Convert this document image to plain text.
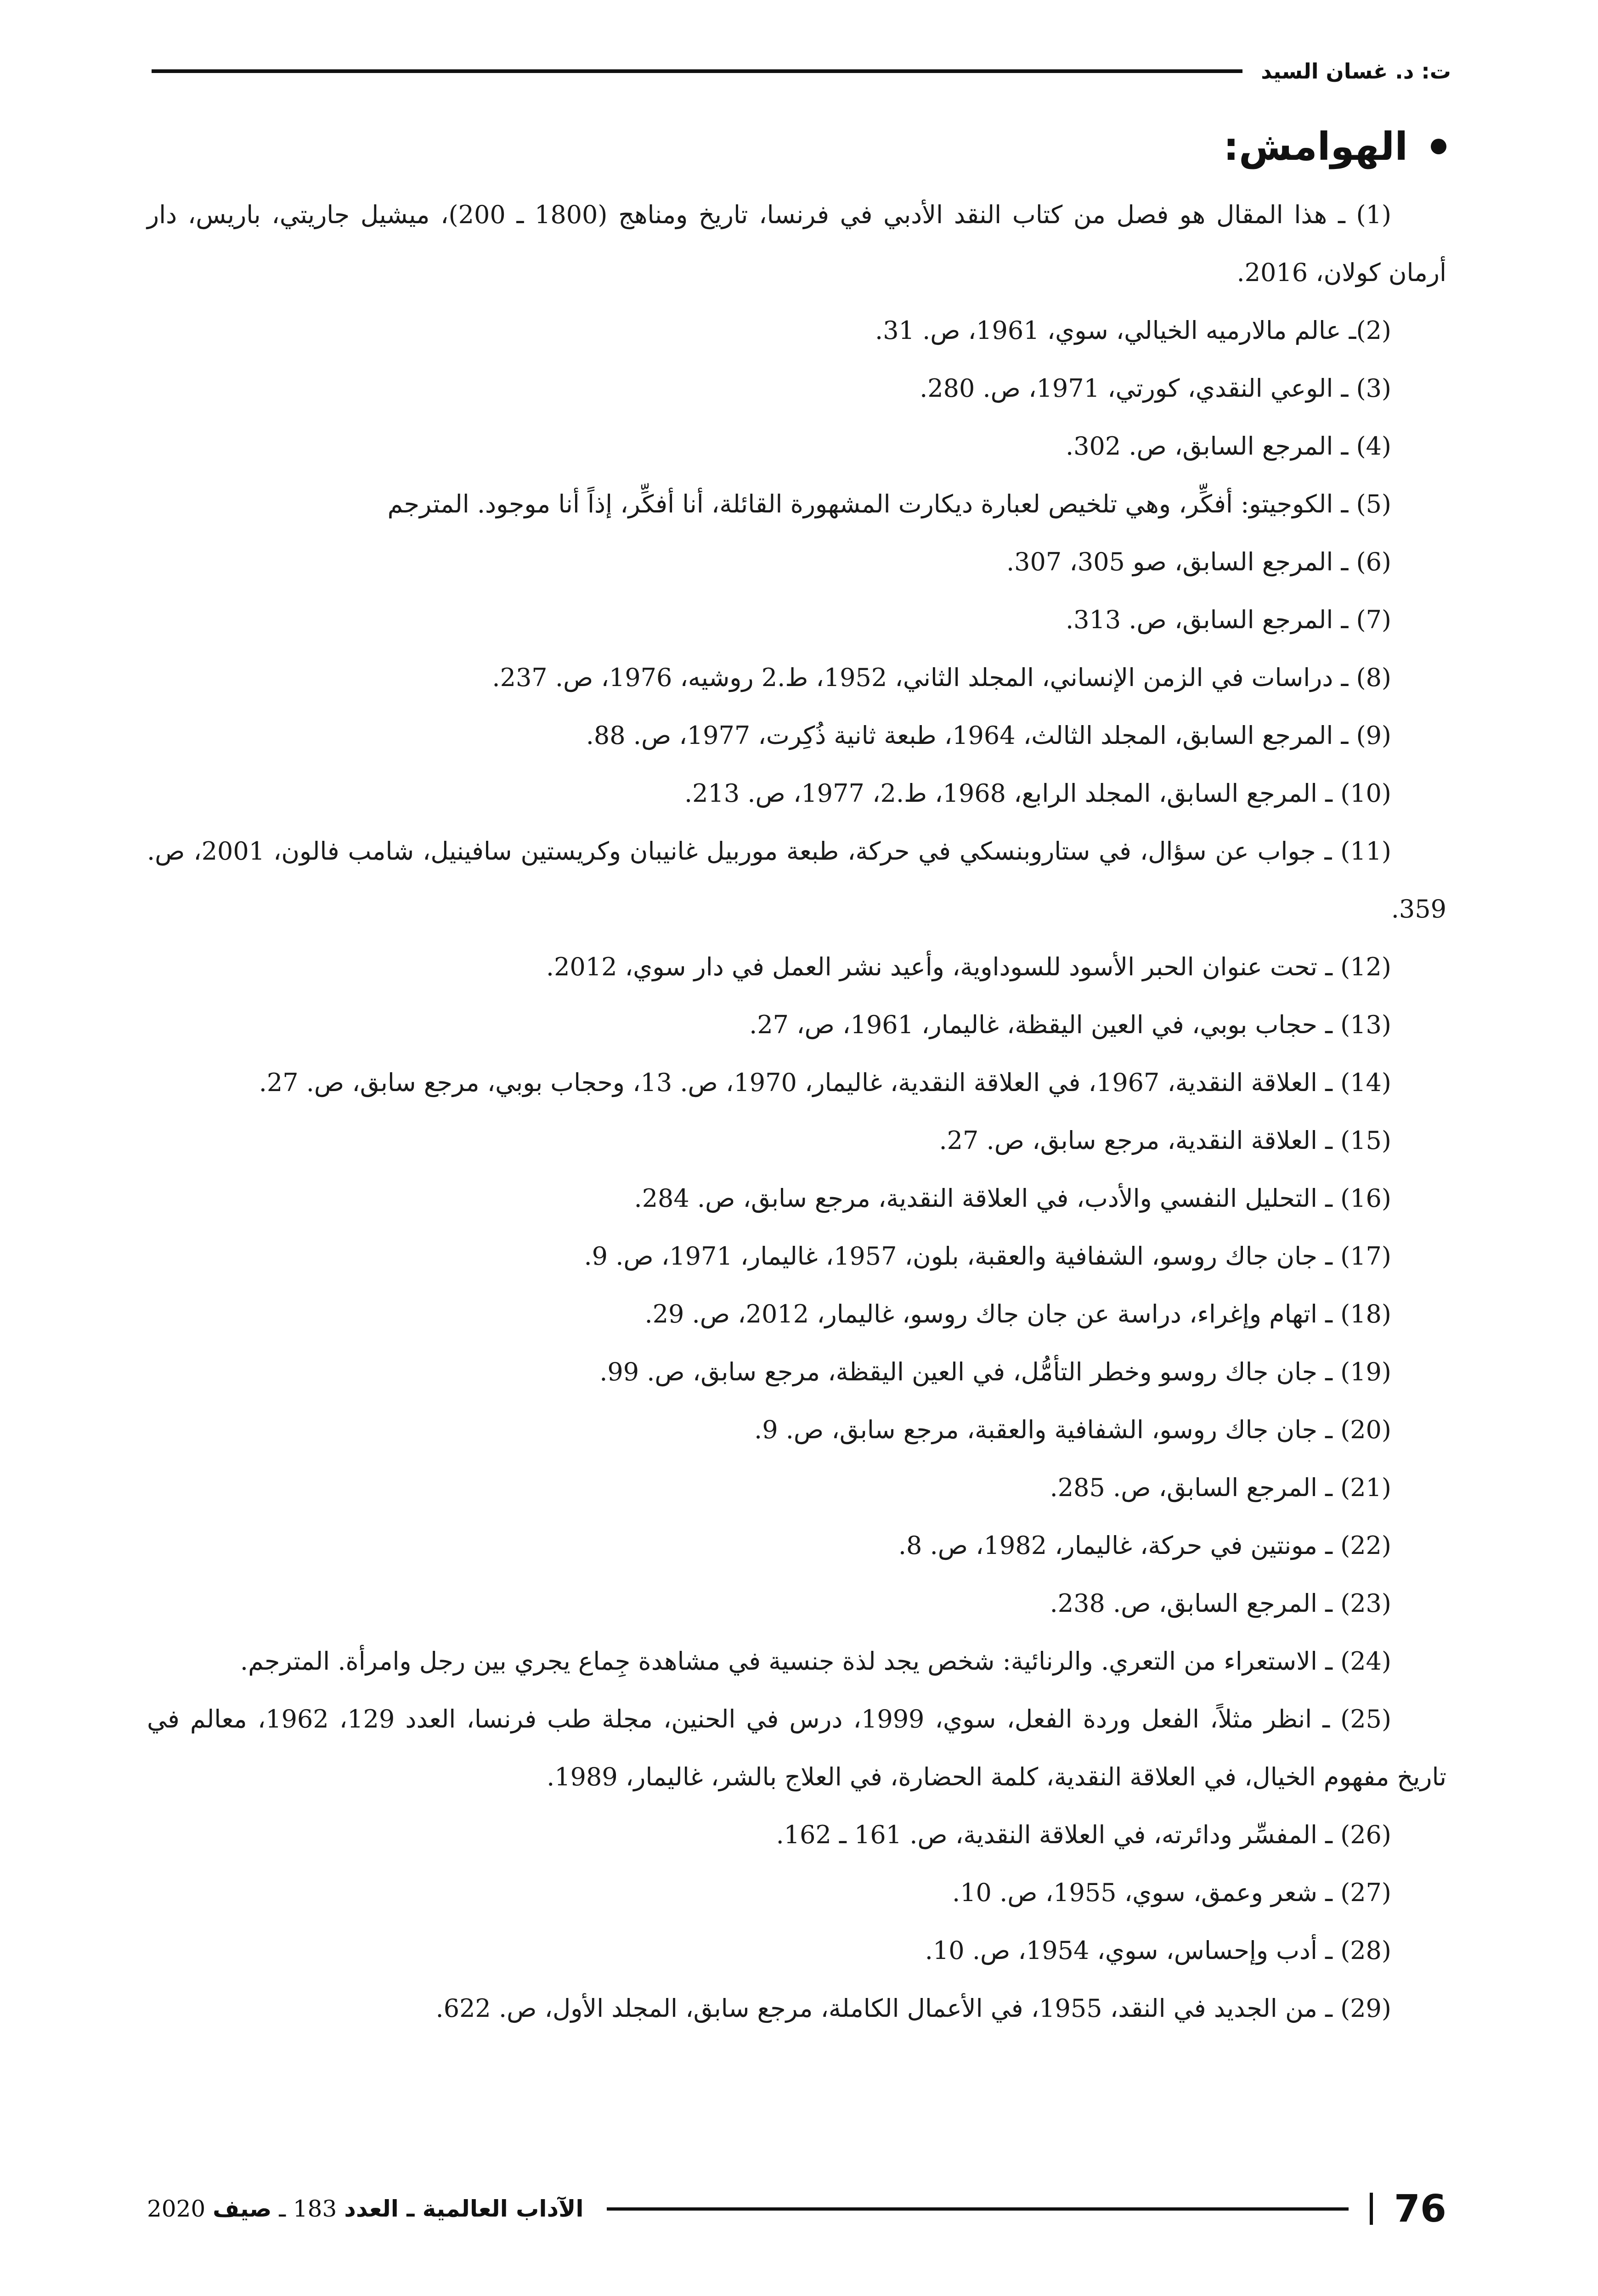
ت: د. غسان السيد
الهوامش:

(1) ـ هذا المقال هو فصل من كتاب النقد الأدبي في فرنسا، تاريخ ومناهج (1800 ـ 200)، ميشيل جاريتي، باريس، دار أرمان كولان، 2016.

(2)ـ عالم مالارميه الخيالي، سوي، 1961، ص. 31.

(3) ـ الوعي النقدي، كورتي، 1971، ص. 280.

(4) ـ المرجع السابق، ص. 302.

(5) ـ الكوجيتو: أفكِّر، وهي تلخيص لعبارة ديكارت المشهورة القائلة، أنا أفكِّر، إذاً أنا موجود. المترجم

(6) ـ المرجع السابق، صو 305، 307.

(7) ـ المرجع السابق، ص. 313.

(8) ـ دراسات في الزمن الإنساني، المجلد الثاني، 1952، ط.2 روشيه، 1976، ص. 237.

(9) ـ المرجع السابق، المجلد الثالث، 1964، طبعة ثانية ذُكِرت، 1977، ص. 88.

(10) ـ المرجع السابق، المجلد الرابع، 1968، ط.2، 1977، ص. 213.

(11) ـ جواب عن سؤال، في ستاروبنسكي في حركة، طبعة موربيل غانيبان وكريستين سافينيل، شامب فالون، 2001، ص. 359.

(12) ـ تحت عنوان الحبر الأسود للسوداوية، وأعيد نشر العمل في دار سوي، 2012.

(13) ـ حجاب بوبي، في العين اليقظة، غاليمار، 1961، ص، 27.

(14) ـ العلاقة النقدية، 1967، في العلاقة النقدية، غاليمار، 1970، ص. 13، وحجاب بوبي، مرجع سابق، ص. 27.

(15) ـ العلاقة النقدية، مرجع سابق، ص. 27.

(16) ـ التحليل النفسي والأدب، في العلاقة النقدية، مرجع سابق، ص. 284.

(17) ـ جان جاك روسو، الشفافية والعقبة، بلون، 1957، غاليمار، 1971، ص. 9.

(18) ـ اتهام وإغراء، دراسة عن جان جاك روسو، غاليمار، 2012، ص. 29.

(19) ـ جان جاك روسو وخطر التأمُّل، في العين اليقظة، مرجع سابق، ص. 99.

(20) ـ جان جاك روسو، الشفافية والعقبة، مرجع سابق، ص. 9.

(21) ـ المرجع السابق، ص. 285.

(22) ـ مونتين في حركة، غاليمار، 1982، ص. 8.

(23) ـ المرجع السابق، ص. 238.

(24) ـ الاستعراء من التعري. والرنائية: شخص يجد لذة جنسية في مشاهدة جِماع يجري بين رجل وامرأة. المترجم.

(25) ـ انظر مثلاً، الفعل وردة الفعل، سوي، 1999، درس في الحنين، مجلة طب فرنسا، العدد 129، 1962، معالم في تاريخ مفهوم الخيال، في العلاقة النقدية، كلمة الحضارة، في العلاج بالشر، غاليمار، 1989.

(26) ـ المفسِّر ودائرته، في العلاقة النقدية، ص. 161 ـ 162.

(27) ـ شعر وعمق، سوي، 1955، ص. 10.

(28) ـ أدب وإحساس، سوي، 1954، ص. 10.

(29) ـ من الجديد في النقد، 1955، في الأعمال الكاملة، مرجع سابق، المجلد الأول، ص. 622.

76
الآداب العالمية ـ العدد 183 ـ صيف 2020
